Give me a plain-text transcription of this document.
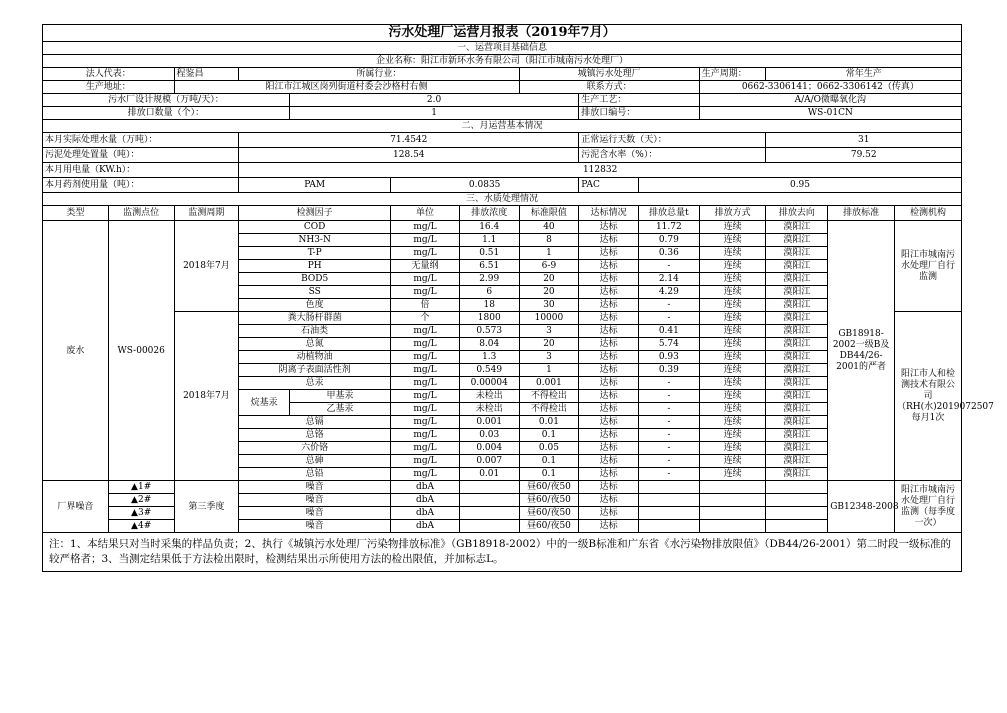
污水处理厂运营月报表（2019年7月）													
一、运营项目基础信息													
企业名称：阳江市新环水务有限公司（阳江市城南污水处理厂）													
法人代表：		程鉴昌	所属行业：				城镇污水处理厂			生产周期：	常年生产		
生产地址：		阳江市江城区岗列街道村委会沙格村右侧					联系方式：			0662-3306141；0662-3306142（传真）			
污水厂设计规模（万吨/天）：				2.0				生产工艺：		A/A/O微曝氧化沟			
排放口数量（个）：				1				排放口编号：		WS-01CN			
二、月运营基本情况													
本月实际处理水量（万吨）：			71.4542					正常运行天数（天）：			31		
污泥处理处置量（吨）：			128.54					污泥含水率（%）：			79.52		
本月用电量（KW.h）：			112832										
本月药剂使用量（吨）：			PAM		0.0835			PAC	0.95				
三、水质处理情况													
类型	监测点位	监测周期	检测因子		单位	排放浓度	标准限值	达标情况	排放总量t	排放方式	排放去向	排放标准	检测机构
废水	WS-00026	2018年7月	COD		mg/L	16.4	40	达标	11.72	连续	漠阳江	GB18918-2002一级B及DB44/26-2001的严者	阳江市城南污水处理厂自行监测
			NH3-N		mg/L	1.1	8	达标	0.79	连续	漠阳江		
			T-P		mg/L	0.51	1	达标	0.36	连续	漠阳江		
			PH		无量纲	6.51	6-9	达标	-	连续	漠阳江		
			BOD5		mg/L	2.99	20	达标	2.14	连续	漠阳江		
			SS		mg/L	6	20	达标	4.29	连续	漠阳江		
			色度		倍	18	30	达标	-	连续	漠阳江		
		2018年7月	粪大肠杆群菌		个	1800	10000	达标	-	连续	漠阳江		阳江市人和检测技术有限公司（RH(水)2019072507每月1次
			石油类		mg/L	0.573	3	达标	0.41	连续	漠阳江		
			总氮		mg/L	8.04	20	达标	5.74	连续	漠阳江		
			动植物油		mg/L	1.3	3	达标	0.93	连续	漠阳江		
			阴离子表面活性剂		mg/L	0.549	1	达标	0.39	连续	漠阳江		
			总汞		mg/L	0.00004	0.001	达标	-	连续	漠阳江		
			烷基汞	甲基汞	mg/L	未检出	不得检出	达标	-	连续	漠阳江		
				乙基汞	mg/L	未检出	不得检出	达标	-	连续	漠阳江		
			总镉		mg/L	0.001	0.01	达标	-	连续	漠阳江		
			总铬		mg/L	0.03	0.1	达标	-	连续	漠阳江		
			六价铬		mg/L	0.004	0.05	达标	-	连续	漠阳江		
			总砷		mg/L	0.007	0.1	达标	-	连续	漠阳江		
			总铅		mg/L	0.01	0.1	达标	-	连续	漠阳江		
厂界噪音	▲1#	第三季度	噪音		dbA		昼60/夜50	达标				GB12348-2008	阳江市城南污水处理厂自行监测（每季度一次）
	▲2#		噪音		dbA		昼60/夜50	达标					
	▲3#		噪音		dbA		昼60/夜50	达标					
	▲4#		噪音		dbA		昼60/夜50	达标					
注：1、本结果只对当时采集的样品负责；2、执行《城镇污水处理厂污染物排放标准》（GB18918-2002）中的一级B标准和广东省《水污染物排放限值》（DB44/26-2001）第二时段一级标准的较严格者；3、当测定结果低于方法检出限时，检测结果出示所使用方法的检出限值，并加标志L。													
